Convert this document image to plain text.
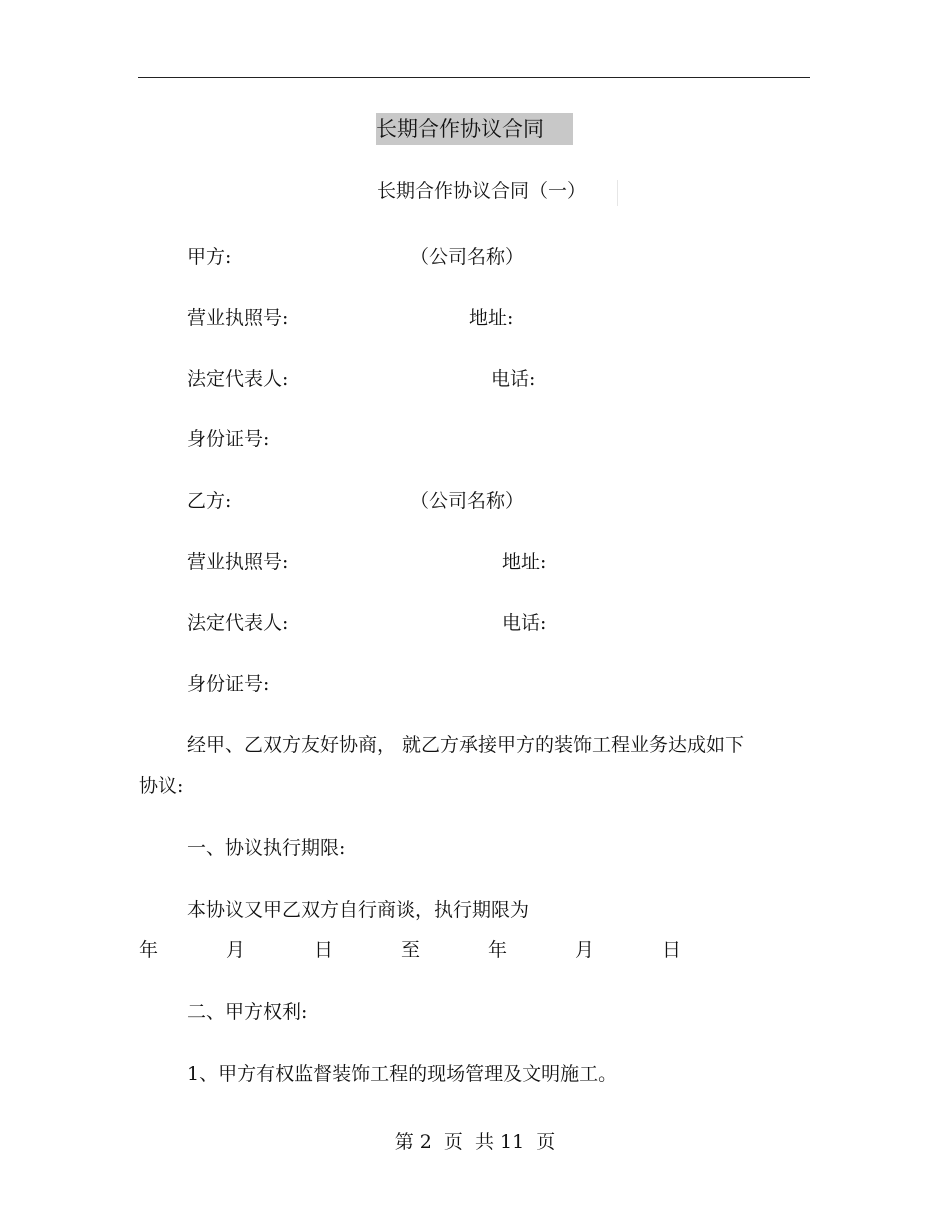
长期合作协议合同
长期合作协议合同（一）
甲方:	（公司名称）
营业执照号:	地址:
法定代表人:	电话:
身份证号:
乙方:	（公司名称）
营业执照号:	地址:
法定代表人:	电话:
身份证号:
经甲、乙双方友好协商， 就乙方承接甲方的装饰工程业务达成如下
协议:
一、协议执行期限:
本协议又甲乙双方自行商谈，执行期限为
年	月	日	至	年	月	日
二、甲方权利:
1、甲方有权监督装饰工程的现场管理及文明施工。
第 2  页  共 11  页
